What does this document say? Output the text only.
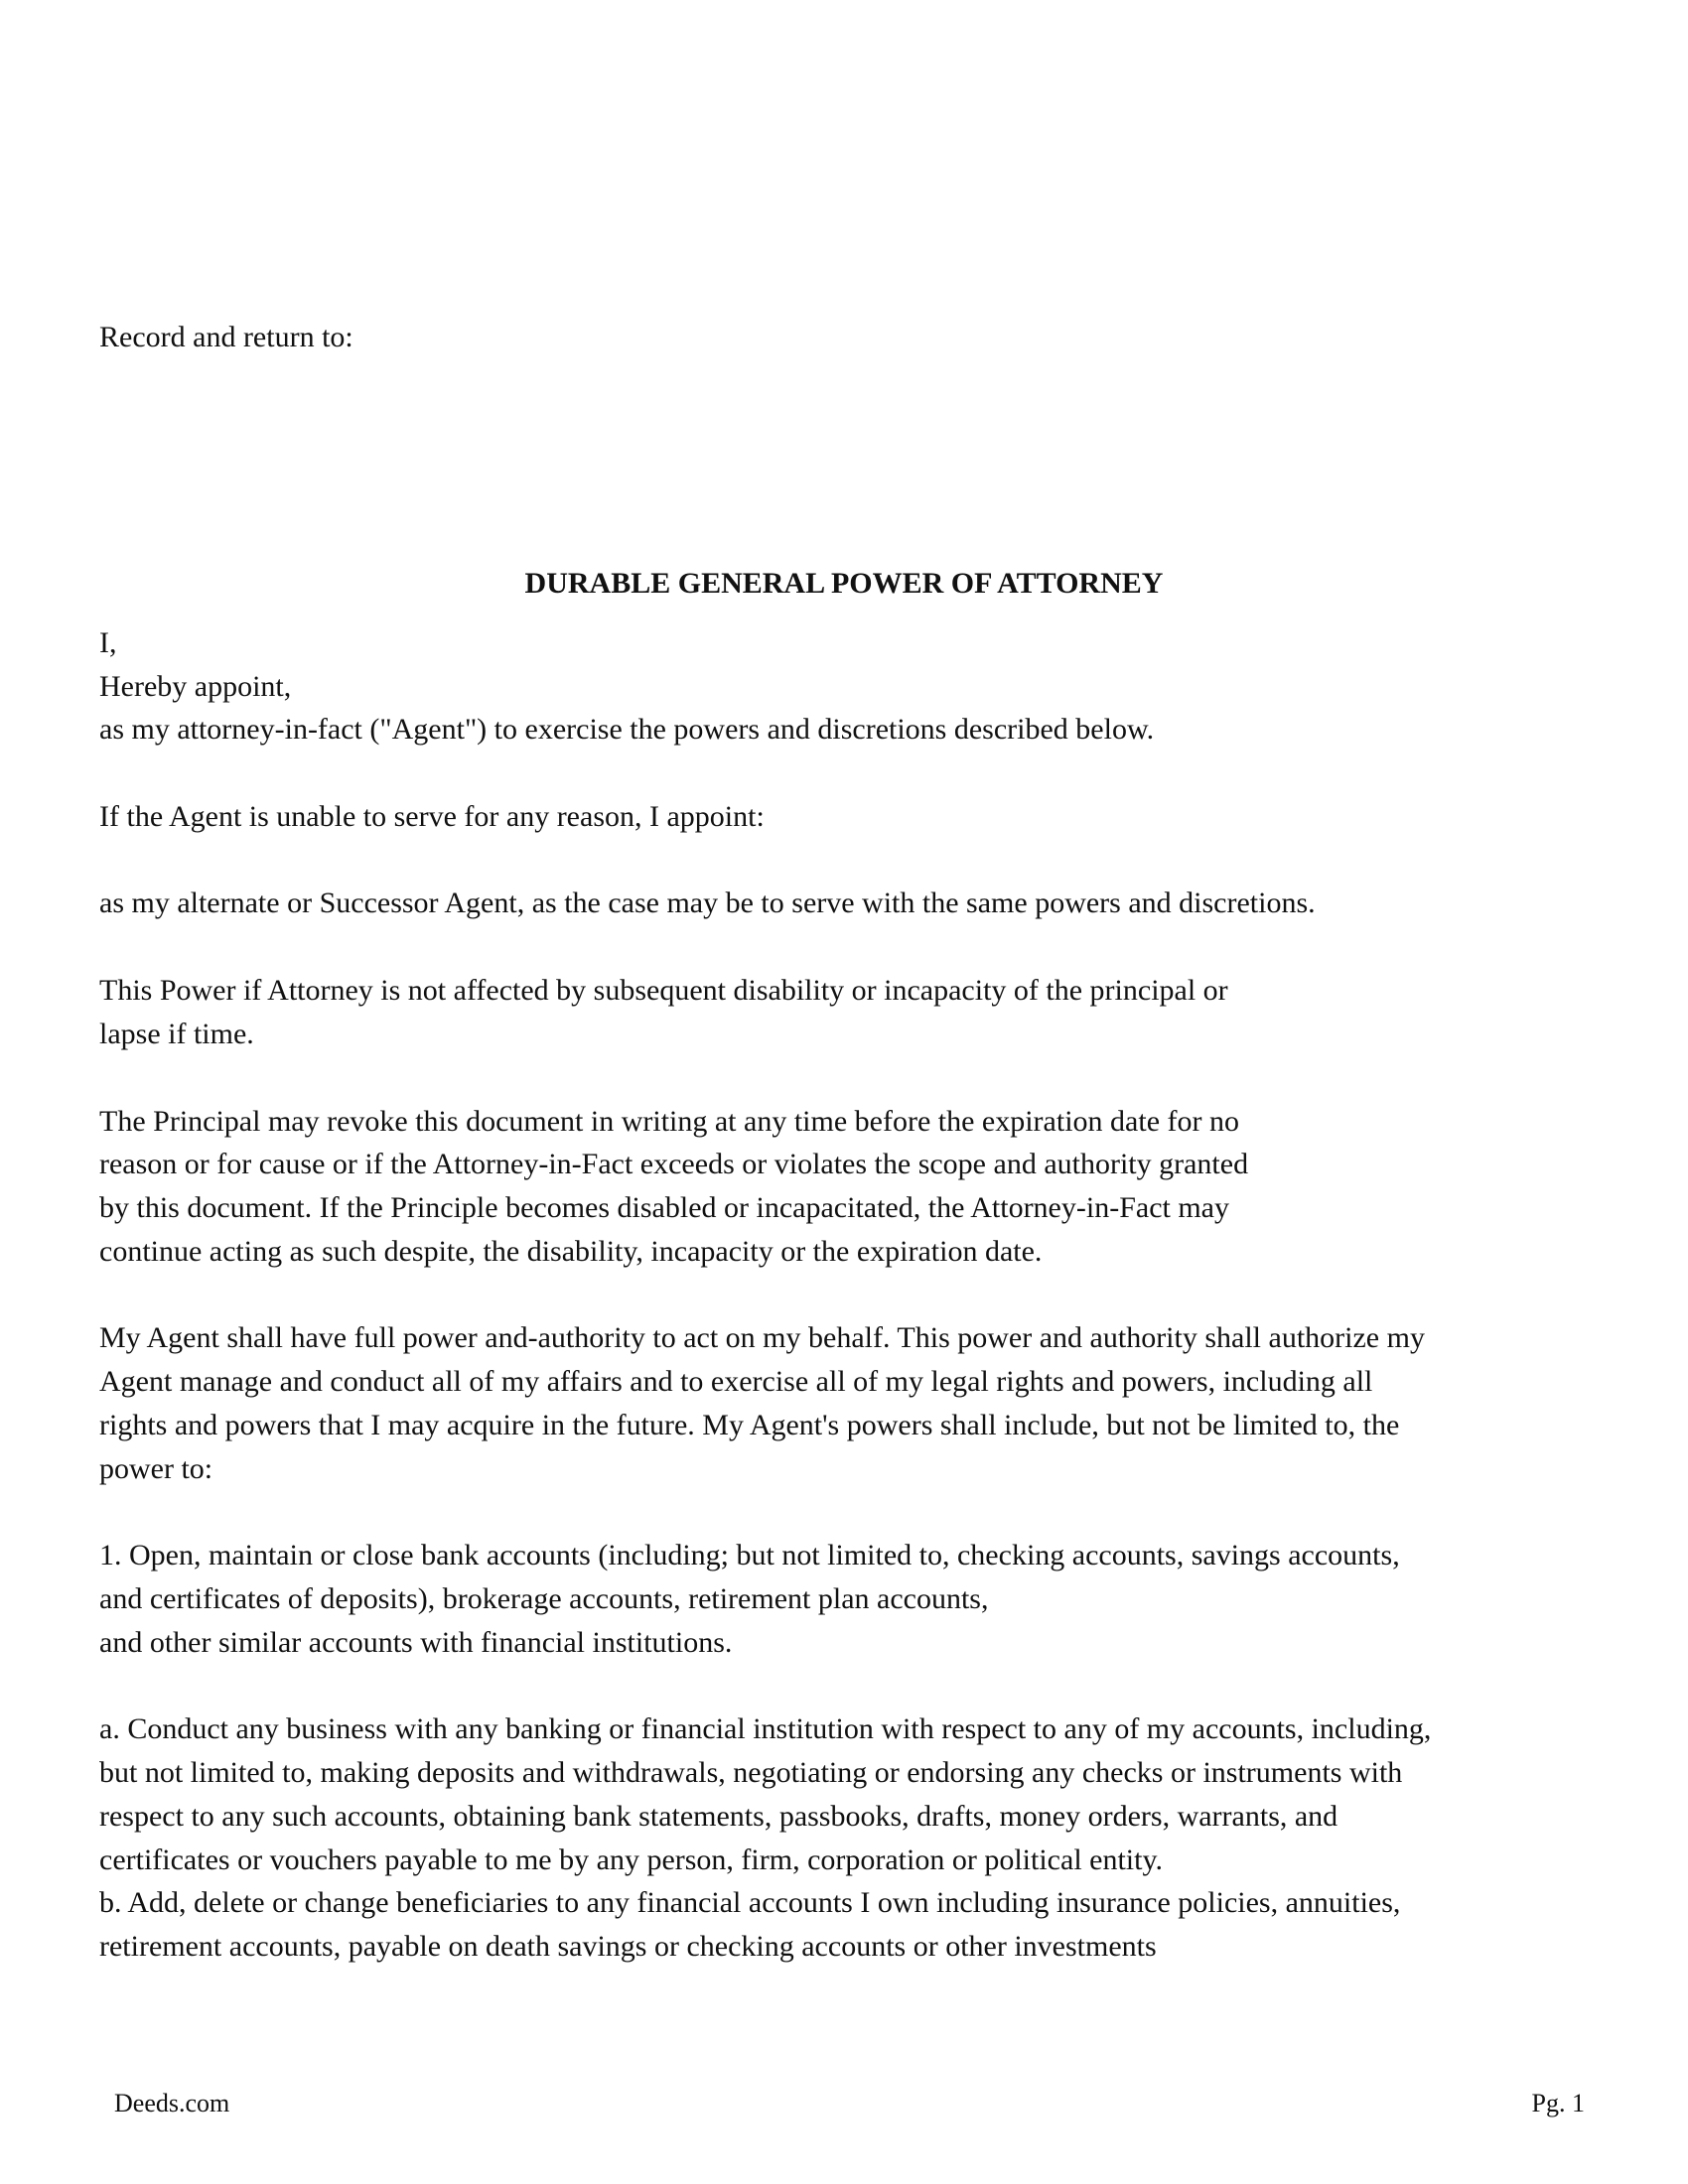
Record and return to:

DURABLE GENERAL POWER OF ATTORNEY

I,

Hereby appoint,

as my attorney-in-fact ("Agent") to exercise the powers and discretions described below.

If the Agent is unable to serve for any reason, I appoint:

as my alternate or Successor Agent, as the case may be to serve with the same powers and discretions.

This Power if Attorney is not affected by subsequent disability or incapacity of the principal or

lapse if time.

The Principal may revoke this document in writing at any time before the expiration date for no

reason or for cause or if the Attorney-in-Fact exceeds or violates the scope and authority granted

by this document. If the Principle becomes disabled or incapacitated, the Attorney-in-Fact may

continue acting as such despite, the disability, incapacity or the expiration date.

My Agent shall have full power and-authority to act on my behalf. This power and authority shall authorize my

Agent manage and conduct all of my affairs and to exercise all of my legal rights and powers, including all

rights and powers that I may acquire in the future. My Agent's powers shall include, but not be limited to, the

power to:

1. Open, maintain or close bank accounts (including; but not limited to, checking accounts, savings accounts,

and certificates of deposits), brokerage accounts, retirement plan accounts,

and other similar accounts with financial institutions.

a. Conduct any business with any banking or financial institution with respect to any of my accounts, including,

but not limited to, making deposits and withdrawals, negotiating or endorsing any checks or instruments with

respect to any such accounts, obtaining bank statements, passbooks, drafts, money orders, warrants, and

certificates or vouchers payable to me by any person, firm, corporation or political entity.

b. Add, delete or change beneficiaries to any financial accounts I own including insurance policies, annuities,

retirement accounts, payable on death savings or checking accounts or other investments

Deeds.com	Pg. 1
